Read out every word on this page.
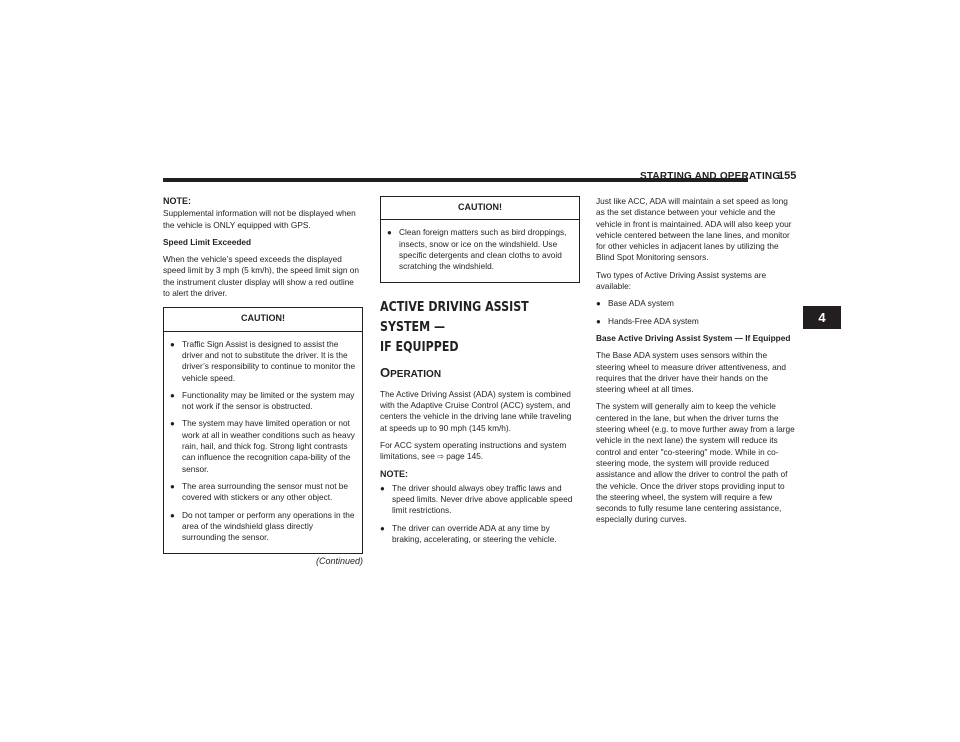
STARTING AND OPERATING
155
4
NOTE:

Supplemental information will not be displayed when the vehicle is ONLY equipped with GPS.

Speed Limit Exceeded

When the vehicle’s speed exceeds the displayed speed limit by 3 mph (5 km/h), the speed limit sign on the instrument cluster display will show a red outline to alert the driver.

CAUTION!
● Traffic Sign Assist is designed to assist the driver and not to substitute the driver. It is the driver’s responsibility to continue to monitor the vehicle speed.
● Functionality may be limited or the system may not work if the sensor is obstructed.
● The system may have limited operation or not work at all in weather conditions such as heavy rain, hail, and thick fog. Strong light contrasts can influence the recognition capa-bility of the sensor.
● The area surrounding the sensor must not be covered with stickers or any other object.
● Do not tamper or perform any operations in the area of the windshield glass directly surrounding the sensor.
(Continued)
CAUTION!
● Clean foreign matters such as bird droppings, insects, snow or ice on the windshield. Use specific detergents and clean cloths to avoid scratching the windshield.
ACTIVE DRIVING ASSIST SYSTEM —
IF EQUIPPED
OPERATION

The Active Driving Assist (ADA) system is combined with the Adaptive Cruise Control (ACC) system, and centers the vehicle in the driving lane while traveling at speeds up to 90 mph (145 km/h).

For ACC system operating instructions and system limitations, see ⇨ page 145.

NOTE:
● The driver should always obey traffic laws and speed limits. Never drive above applicable speed limit restrictions.
● The driver can override ADA at any time by braking, accelerating, or steering the vehicle.

Just like ACC, ADA will maintain a set speed as long as the set distance between your vehicle and the vehicle in front is maintained. ADA will also keep your vehicle centered between the lane lines, and monitor for other vehicles in adjacent lanes by utilizing the Blind Spot Monitoring sensors.

Two types of Active Driving Assist systems are available:

● Base ADA system
● Hands-Free ADA system

Base Active Driving Assist System — If Equipped

The Base ADA system uses sensors within the steering wheel to measure driver attentiveness, and requires that the driver have their hands on the steering wheel at all times.

The system will generally aim to keep the vehicle centered in the lane, but when the driver turns the steering wheel (e.g. to move further away from a large vehicle in the next lane) the system will reduce its control and enter "co-steering" mode. While in co-steering mode, the system will provide reduced assistance and allow the driver to control the path of the vehicle. Once the driver stops providing input to the steering wheel, the system will require a few seconds to fully resume lane centering assistance, especially during curves.
